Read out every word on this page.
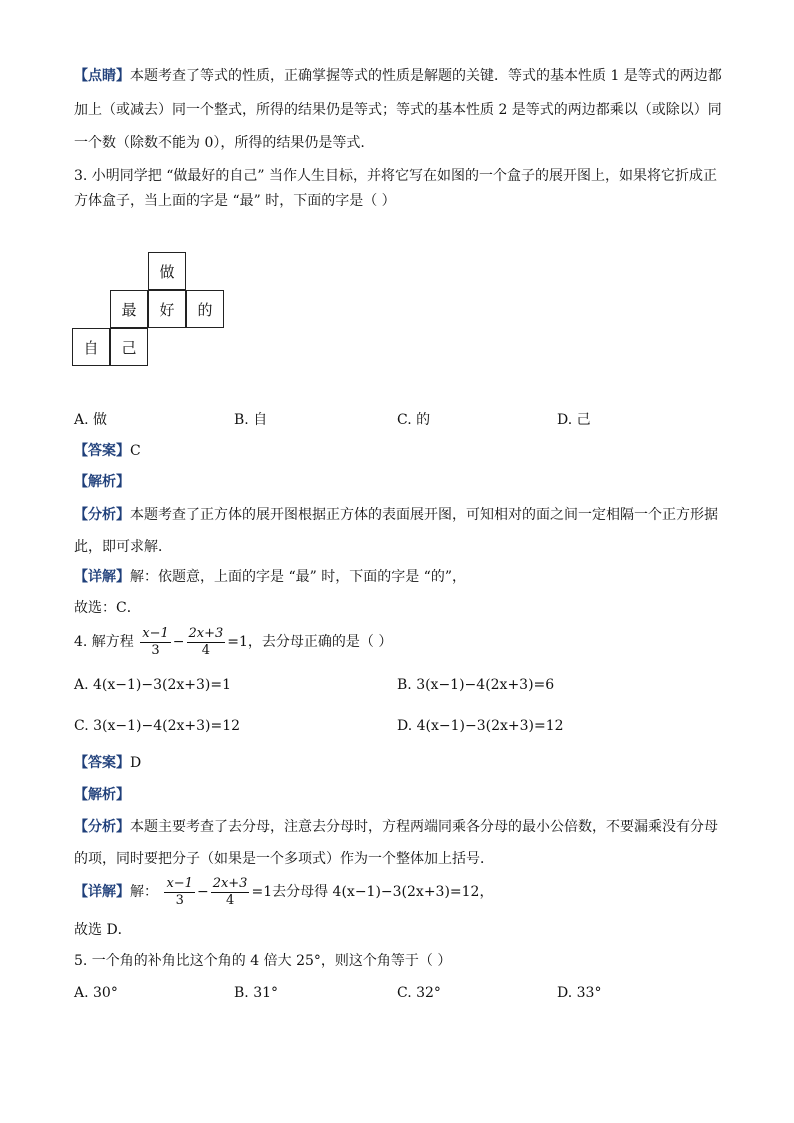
【点睛】本题考查了等式的性质，正确掌握等式的性质是解题的关键．等式的基本性质 1 是等式的两边都
加上（或减去）同一个整式，所得的结果仍是等式；等式的基本性质 2 是等式的两边都乘以（或除以）同
一个数（除数不能为 0），所得的结果仍是等式.
3. 小明同学把 “做最好的自己” 当作人生目标，并将它写在如图的一个盒子的展开图上，如果将它折成正
方体盒子，当上面的字是 “最” 时，下面的字是（ ）
做
最	好	的
自	己
A. 做	B. 自	C. 的	D. 己
【答案】C
【解析】
【分析】本题考查了正方体的展开图根据正方体的表面展开图，可知相对的面之间一定相隔一个正方形据
此，即可求解．
【详解】解：依题意，上面的字是 “最” 时，下面的字是 “的”，
故选：C．
4. 解方程 $\frac{x-1}{3} - \frac{2x+3}{4} =1$，去分母正确的是（ ）
A. 4(x−1)−3(2x+3)=1	B. 3(x−1)−4(2x+3)=6
C. 3(x−1)−4(2x+3)=12	D. 4(x−1)−3(2x+3)=12
【答案】D
【解析】
【分析】本题主要考查了去分母，注意去分母时，方程两端同乘各分母的最小公倍数，不要漏乘没有分母
的项，同时要把分子（如果是一个多项式）作为一个整体加上括号．
【详解】解： $\frac{x-1}{3} - \frac{2x+3}{4} =1$去分母得 4(x−1)−3(2x+3)=12，
故选 D．
5. 一个角的补角比这个角的 4 倍大 25°，则这个角等于（ ）
A. 30°	B. 31°	C. 32°	D. 33°
